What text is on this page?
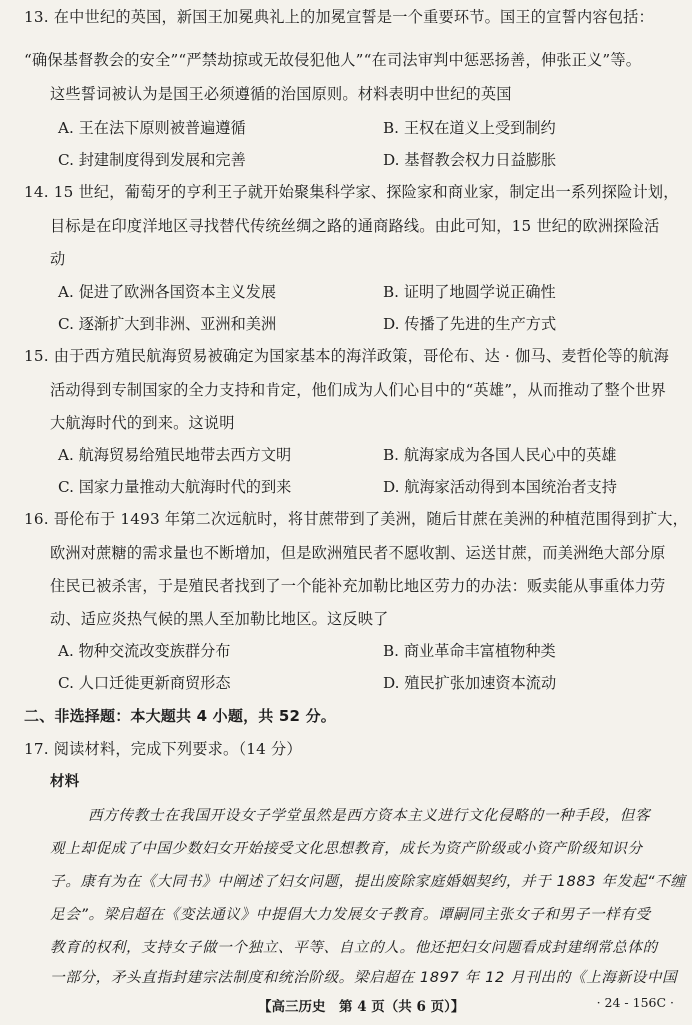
13. 在中世纪的英国，新国王加冕典礼上的加冕宣誓是一个重要环节。国王的宣誓内容包括：
“确保基督教会的安全”“严禁劫掠或无故侵犯他人”“在司法审判中惩恶扬善，伸张正义”等。
这些誓词被认为是国王必须遵循的治国原则。材料表明中世纪的英国
A. 王在法下原则被普遍遵循	B. 王权在道义上受到制约
C. 封建制度得到发展和完善	D. 基督教会权力日益膨胀
14. 15 世纪，葡萄牙的亨利王子就开始聚集科学家、探险家和商业家，制定出一系列探险计划，
目标是在印度洋地区寻找替代传统丝绸之路的通商路线。由此可知，15 世纪的欧洲探险活
动
A. 促进了欧洲各国资本主义发展	B. 证明了地圆学说正确性
C. 逐渐扩大到非洲、亚洲和美洲	D. 传播了先进的生产方式
15. 由于西方殖民航海贸易被确定为国家基本的海洋政策，哥伦布、达 · 伽马、麦哲伦等的航海
活动得到专制国家的全力支持和肯定，他们成为人们心目中的“英雄”，从而推动了整个世界
大航海时代的到来。这说明
A. 航海贸易给殖民地带去西方文明	B. 航海家成为各国人民心中的英雄
C. 国家力量推动大航海时代的到来	D. 航海家活动得到本国统治者支持
16. 哥伦布于 1493 年第二次远航时，将甘蔗带到了美洲，随后甘蔗在美洲的种植范围得到扩大，
欧洲对蔗糖的需求量也不断增加，但是欧洲殖民者不愿收割、运送甘蔗，而美洲绝大部分原
住民已被杀害，于是殖民者找到了一个能补充加勒比地区劳力的办法：贩卖能从事重体力劳
动、适应炎热气候的黑人至加勒比地区。这反映了
A. 物种交流改变族群分布	B. 商业革命丰富植物种类
C. 人口迁徙更新商贸形态	D. 殖民扩张加速资本流动
二、非选择题：本大题共 4 小题，共 52 分。
17. 阅读材料，完成下列要求。（14 分）
材料
西方传教士在我国开设女子学堂虽然是西方资本主义进行文化侵略的一种手段，但客
观上却促成了中国少数妇女开始接受文化思想教育，成长为资产阶级或小资产阶级知识分
子。康有为在《大同书》中阐述了妇女问题，提出废除家庭婚姻契约，并于 1883 年发起“不缠
足会”。梁启超在《变法通议》中提倡大力发展女子教育。谭嗣同主张女子和男子一样有受
教育的权利，支持女子做一个独立、平等、自立的人。他还把妇女问题看成封建纲常总体的
一部分，矛头直指封建宗法制度和统治阶级。梁启超在 1897 年 12 月刊出的《上海新设中国
【高三历史　第 4 页（共 6 页）】	· 24 - 156C ·
